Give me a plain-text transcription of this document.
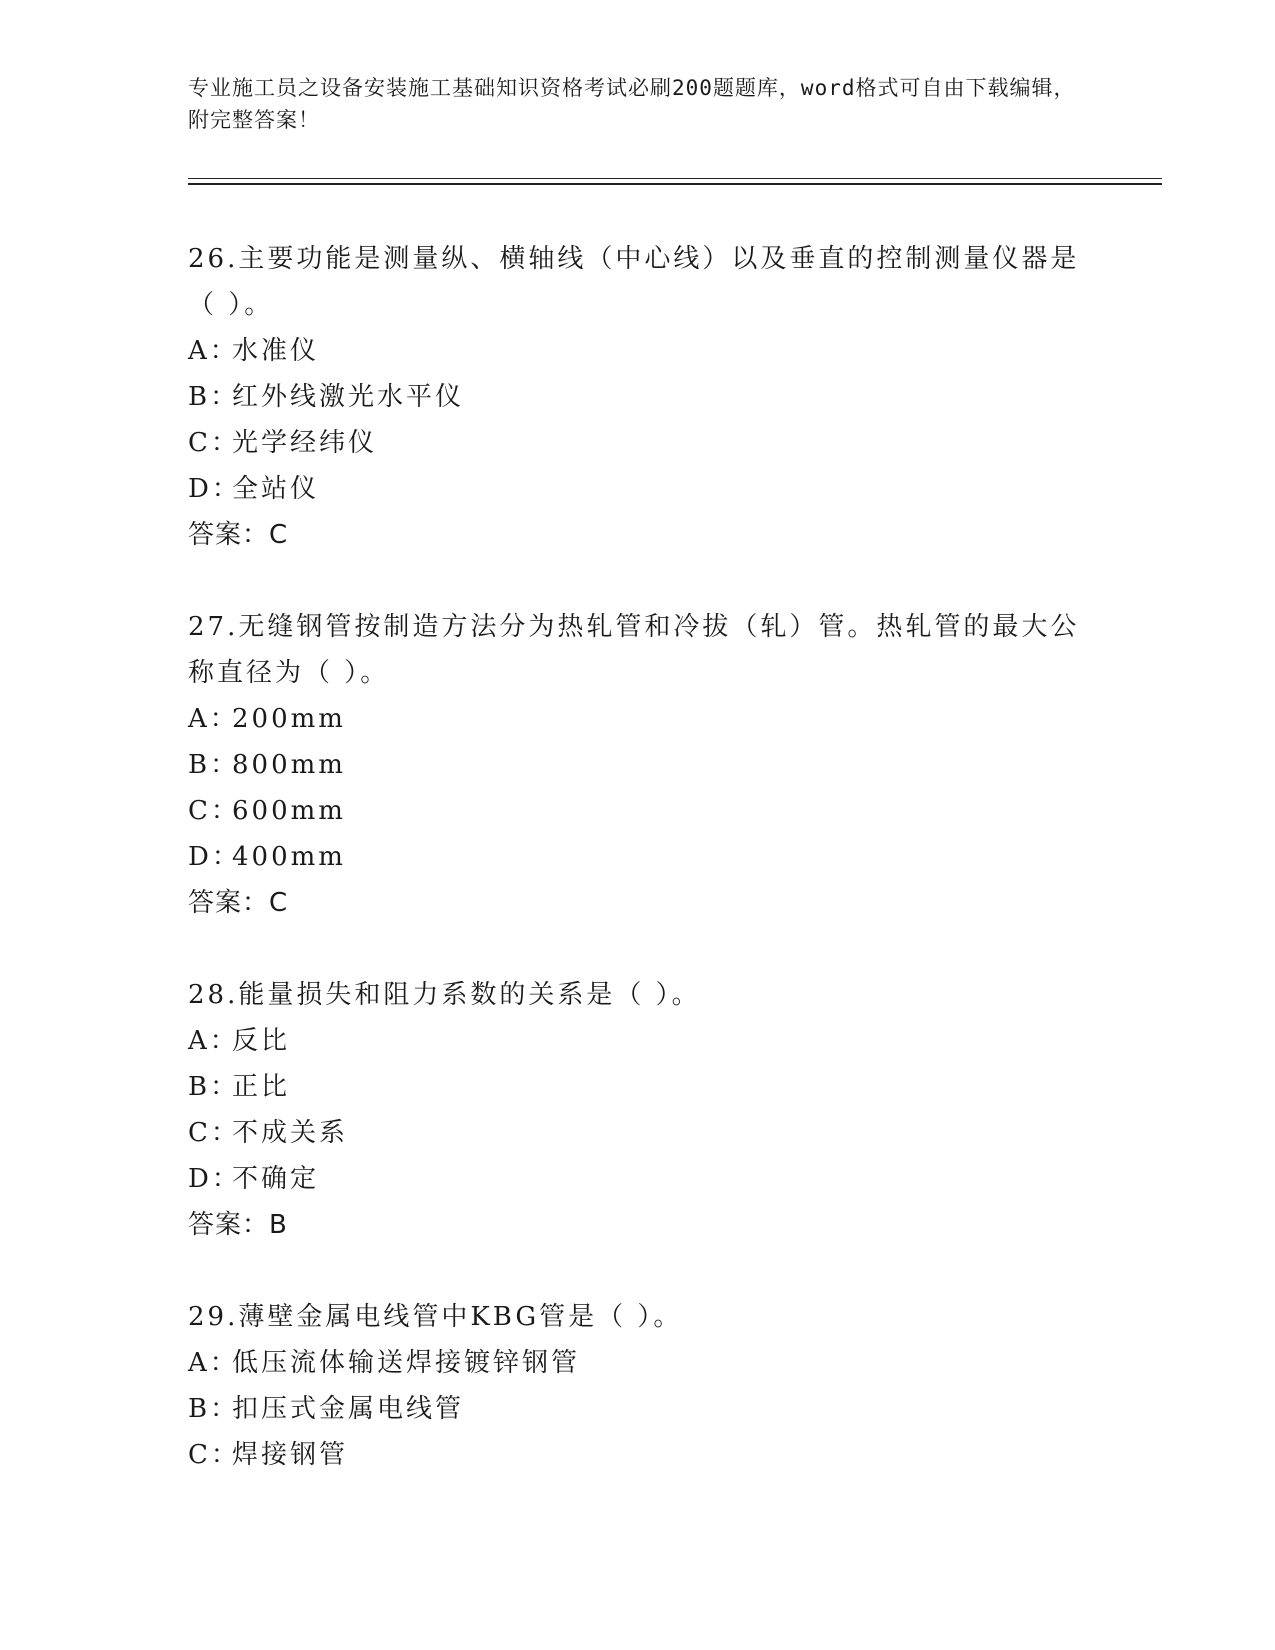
专业施工员之设备安装施工基础知识资格考试必刷200题题库，word格式可自由下载编辑，附完整答案！

26.主要功能是测量纵、横轴线（中心线）以及垂直的控制测量仪器是（ ）。

A：水准仪
B：红外线激光水平仪
C：光学经纬仪
D：全站仪
答案：C

27.无缝钢管按制造方法分为热轧管和冷拔（轧）管。热轧管的最大公称直径为（ ）。

A：200mm
B：800mm
C：600mm
D：400mm
答案：C

28.能量损失和阻力系数的关系是（ ）。

A：反比
B：正比
C：不成关系
D：不确定
答案：B

29.薄壁金属电线管中KBG管是（ ）。

A：低压流体输送焊接镀锌钢管
B：扣压式金属电线管
C：焊接钢管
